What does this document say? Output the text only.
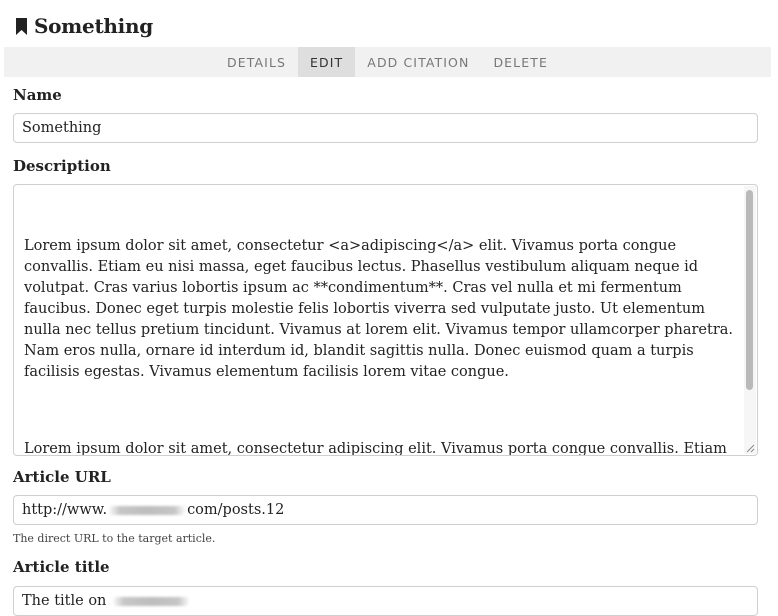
Something
DETAILS	EDIT	ADD CITATION	DELETE
Name
Something
Description

Lorem ipsum dolor sit amet, consectetur <a>adipiscing</a> elit. Vivamus porta congue convallis. Etiam eu nisi massa, eget faucibus lectus. Phasellus vestibulum aliquam neque id volutpat. Cras varius lobortis ipsum ac **condimentum**. Cras vel nulla et mi fermentum faucibus. Donec eget turpis molestie felis lobortis viverra sed vulputate justo. Ut elementum nulla nec tellus pretium tincidunt. Vivamus at lorem elit. Vivamus tempor ullamcorper pharetra. Nam eros nulla, ornare id interdum id, blandit sagittis nulla. Donec euismod quam a turpis facilisis egestas. Vivamus elementum facilisis lorem vitae congue.

Lorem ipsum dolor sit amet, consectetur adipiscing elit. Vivamus porta congue convallis. Etiam

Article URL
http://www.	com/posts.12
The direct URL to the target article.
Article title
The title on
